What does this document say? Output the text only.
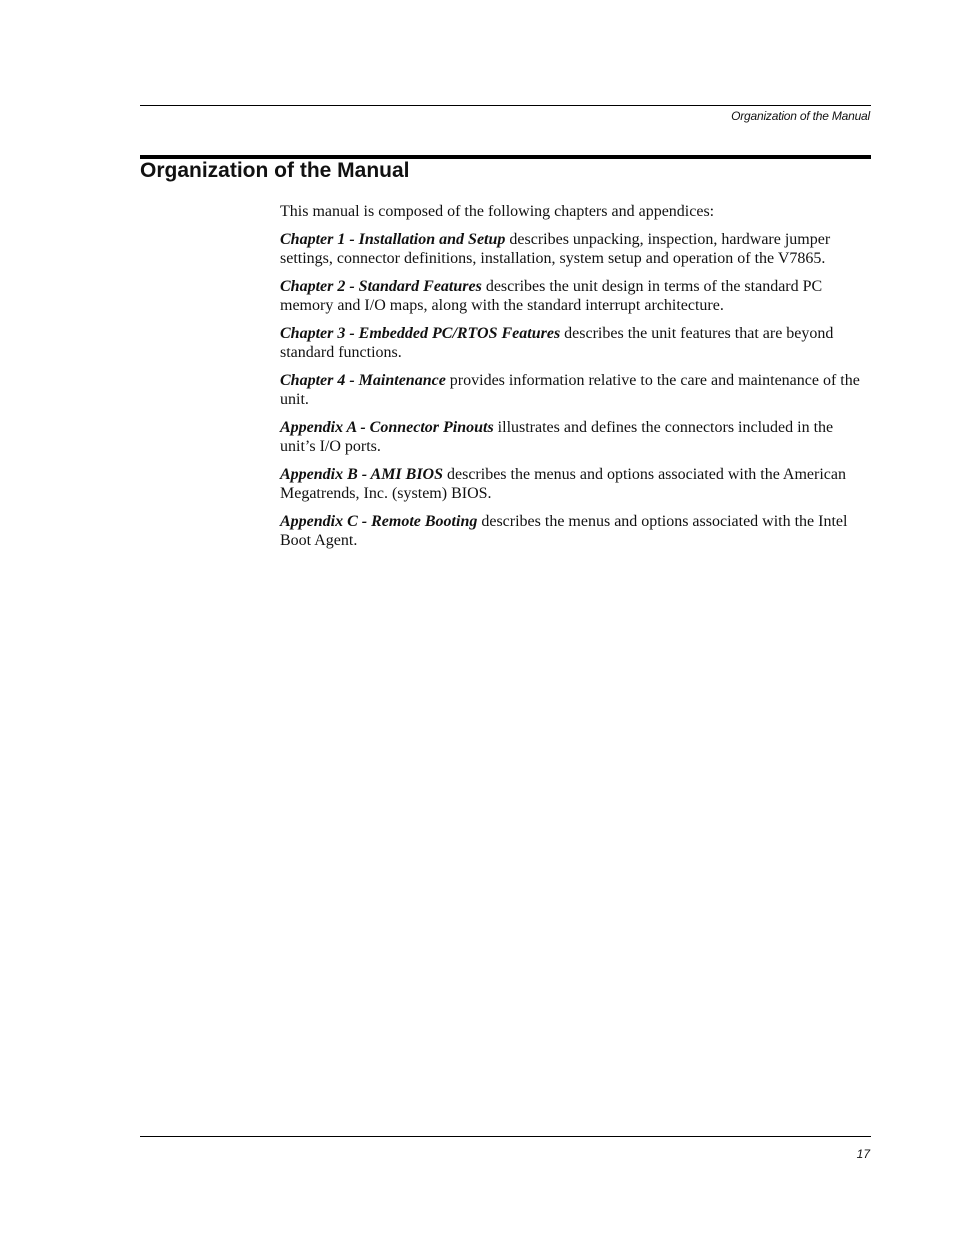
Organization of the Manual
Organization of the Manual

This manual is composed of the following chapters and appendices:

Chapter 1 - Installation and Setup describes unpacking, inspection, hardware jumper settings, connector definitions, installation, system setup and operation of the V7865.

Chapter 2 - Standard Features describes the unit design in terms of the standard PC memory and I/O maps, along with the standard interrupt architecture.

Chapter 3 - Embedded PC/RTOS Features describes the unit features that are beyond standard functions.

Chapter 4 - Maintenance provides information relative to the care and maintenance of the unit.

Appendix A - Connector Pinouts illustrates and defines the connectors included in the unit’s I/O ports.

Appendix B - AMI BIOS describes the menus and options associated with the American Megatrends, Inc. (system) BIOS.

Appendix C - Remote Booting describes the menus and options associated with the Intel Boot Agent.

17
